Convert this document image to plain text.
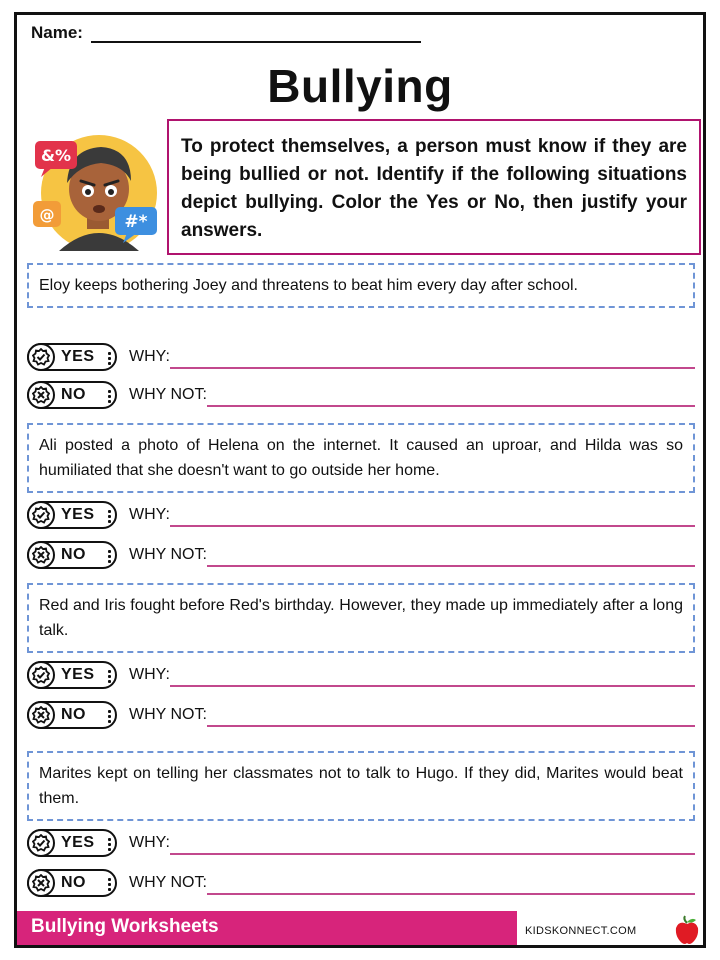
Name:
Bullying
&%
@	#*
To protect themselves, a person must know if they are being bullied or not. Identify if the following situations depict bullying. Color the Yes or No, then justify your answers.
Eloy keeps bothering Joey and threatens to beat him every day after school.
YES WHY:
NO	WHY NOT:
Ali posted a photo of Helena on the internet. It caused an uproar, and Hilda was so humiliated that she doesn't want to go outside her home.
YES WHY:
NO	WHY NOT:
Red and Iris fought before Red's birthday. However, they made up immediately after a long talk.
YES WHY:
NO	WHY NOT:
Marites kept on telling her classmates not to talk to Hugo. If they did, Marites would beat them.
YES WHY:
NO	WHY NOT:
Bullying Worksheets	KIDSKONNECT.COM
